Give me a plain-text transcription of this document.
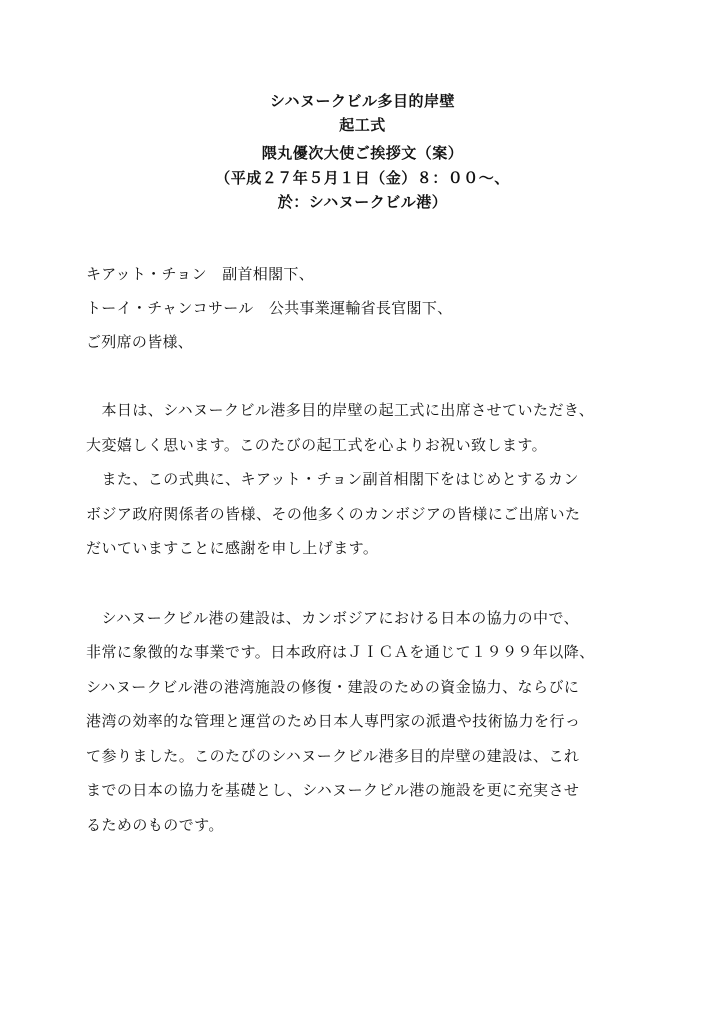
シハヌークビル多目的岸壁
起工式
隈丸優次大使ご挨拶文（案）
（平成２７年５月１日（金）８：００～、
於：シハヌークビル港）
キアット・チョン　副首相閣下、
トーイ・チャンコサール　公共事業運輸省長官閣下、
ご列席の皆様、
　本日は、シハヌークビル港多目的岸壁の起工式に出席させていただき、
大変嬉しく思います。このたびの起工式を心よりお祝い致します。
　また、この式典に、キアット・チョン副首相閣下をはじめとするカン
ボジア政府関係者の皆様、その他多くのカンボジアの皆様にご出席いた
だいていますことに感謝を申し上げます。
　シハヌークビル港の建設は、カンボジアにおける日本の協力の中で、
非常に象徴的な事業です。日本政府はＪＩＣＡを通じて１９９９年以降、
シハヌークビル港の港湾施設の修復・建設のための資金協力、ならびに
港湾の効率的な管理と運営のため日本人専門家の派遣や技術協力を行っ
て参りました。このたびのシハヌークビル港多目的岸壁の建設は、これ
までの日本の協力を基礎とし、シハヌークビル港の施設を更に充実させ
るためのものです。
